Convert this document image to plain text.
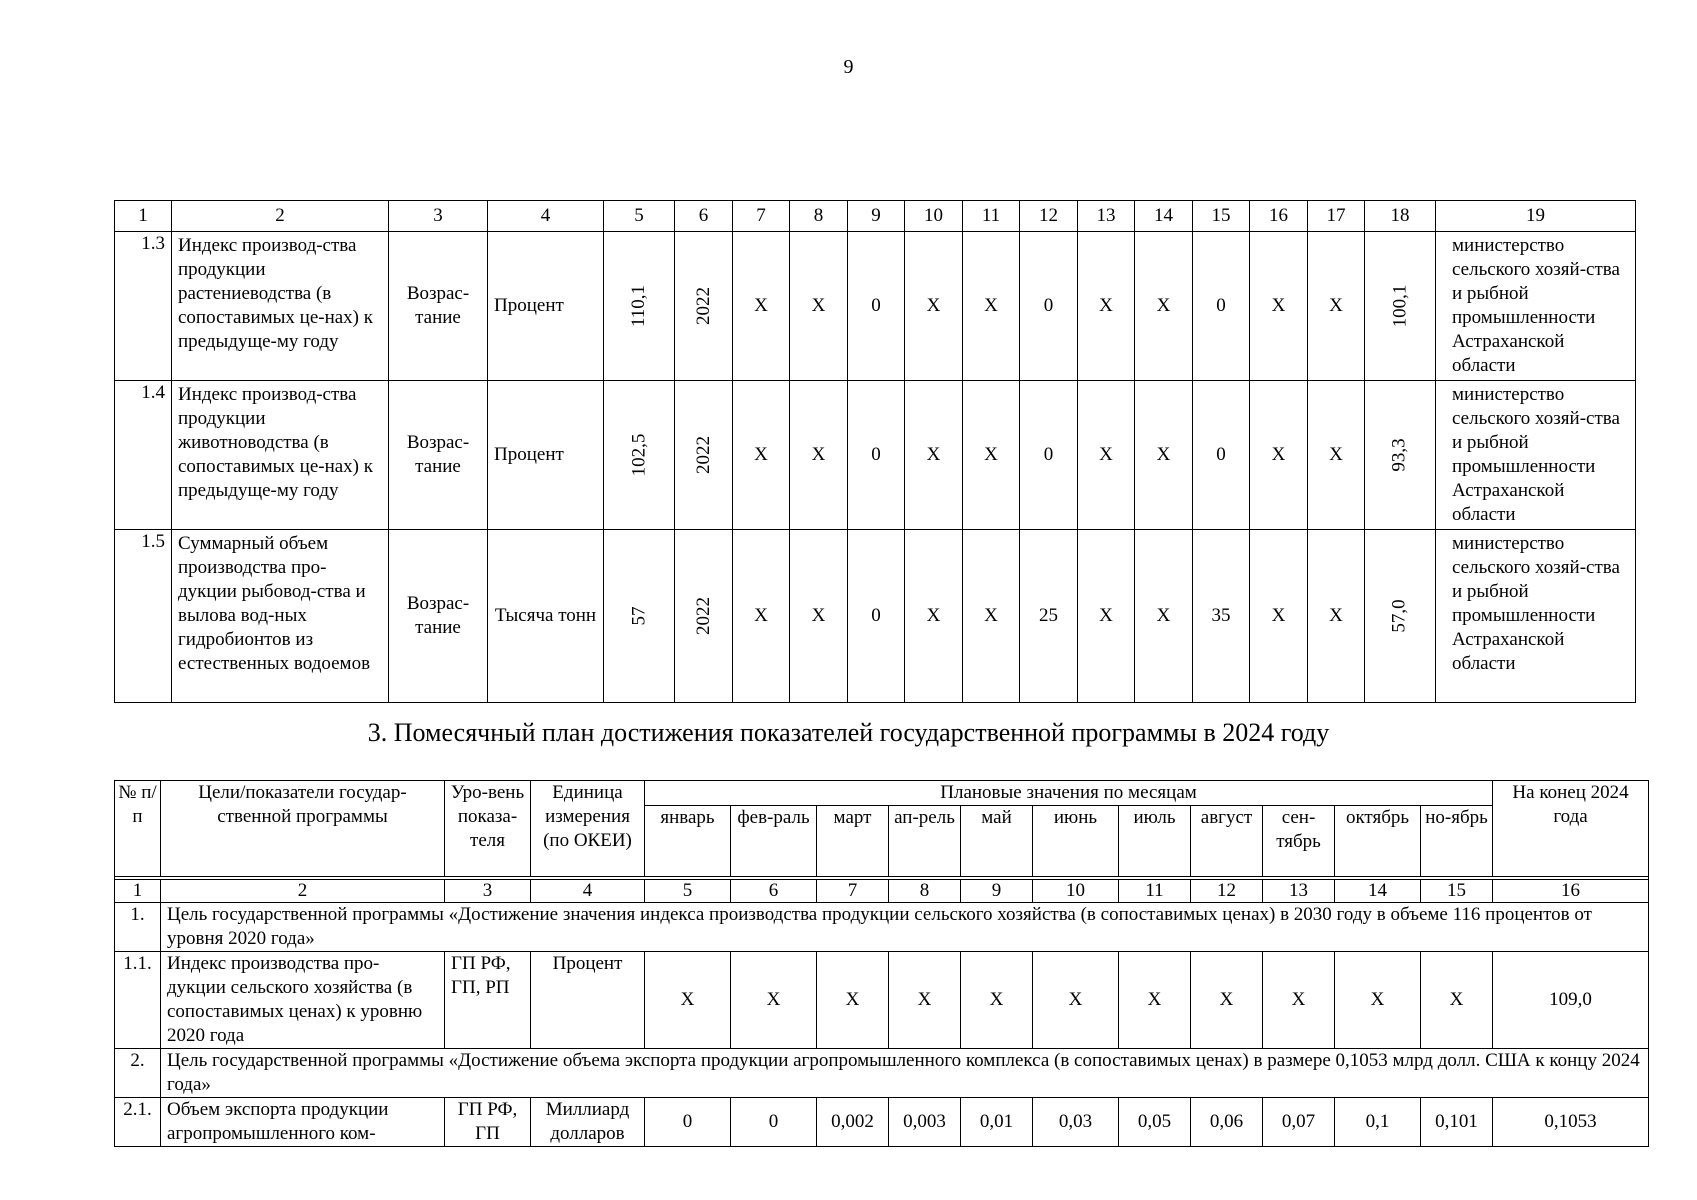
9
1	2	3	4	5	6	7	8	9	10	11	12	13	14	15	16	17	18	19
1.3	Индекс производ-ства продукции растениеводства (в сопоставимых це-нах) к предыдуще-му году	Возрас-тание	Процент	110,1	2022	X	X	0	X	X	0	X	X	0	X	X	100,1	министерство сельского хозяй-ства и рыбной промышленности Астраханской области
1.4	Индекс производ-ства продукции животноводства (в сопоставимых це-нах) к предыдуще-му году	Возрас-тание	Процент	102,5	2022	X	X	0	X	X	0	X	X	0	X	X	93,3	министерство сельского хозяй-ства и рыбной промышленности Астраханской области
1.5	Суммарный объем производства про-дукции рыбовод-ства и вылова вод-ных гидробионтов из естественных водоемов	Возрас-тание	Тысяча тонн	57	2022	X	X	0	X	X	25	X	X	35	X	X	57,0	министерство сельского хозяй-ства и рыбной промышленности Астраханской области
3. Помесячный план достижения показателей государственной программы в 2024 году
№ п/п	Цели/показатели государ-ственной программы	Уро-вень показа-теля	Единица измерения (по ОКЕИ)	Плановые значения по месяцам											На конец 2024 года
				январь	фев-раль	март	ап-рель	май	июнь	июль	август	сен-тябрь	октябрь	но-ябрь	

1	2	3	4	5	6	7	8	9	10	11	12	13	14	15	16
1.	Цель государственной программы «Достижение значения индекса производства продукции сельского хозяйства (в сопоставимых ценах) в 2030 году в объеме 116 процентов от уровня 2020 года»														
1.1.	Индекс производства про-дукции сельского хозяйства (в сопоставимых ценах) к уровню 2020 года	ГП РФ, ГП, РП	Процент	X	X	X	X	X	X	X	X	X	X	X	109,0
2.	Цель государственной программы «Достижение объема экспорта продукции агропромышленного комплекса (в сопоставимых ценах) в размере 0,1053 млрд долл. США к концу 2024 года»														
2.1.	Объем экспорта продукции агропромышленного ком-	ГП РФ, ГП	Миллиард долларов	0	0	0,002	0,003	0,01	0,03	0,05	0,06	0,07	0,1	0,101	0,1053
